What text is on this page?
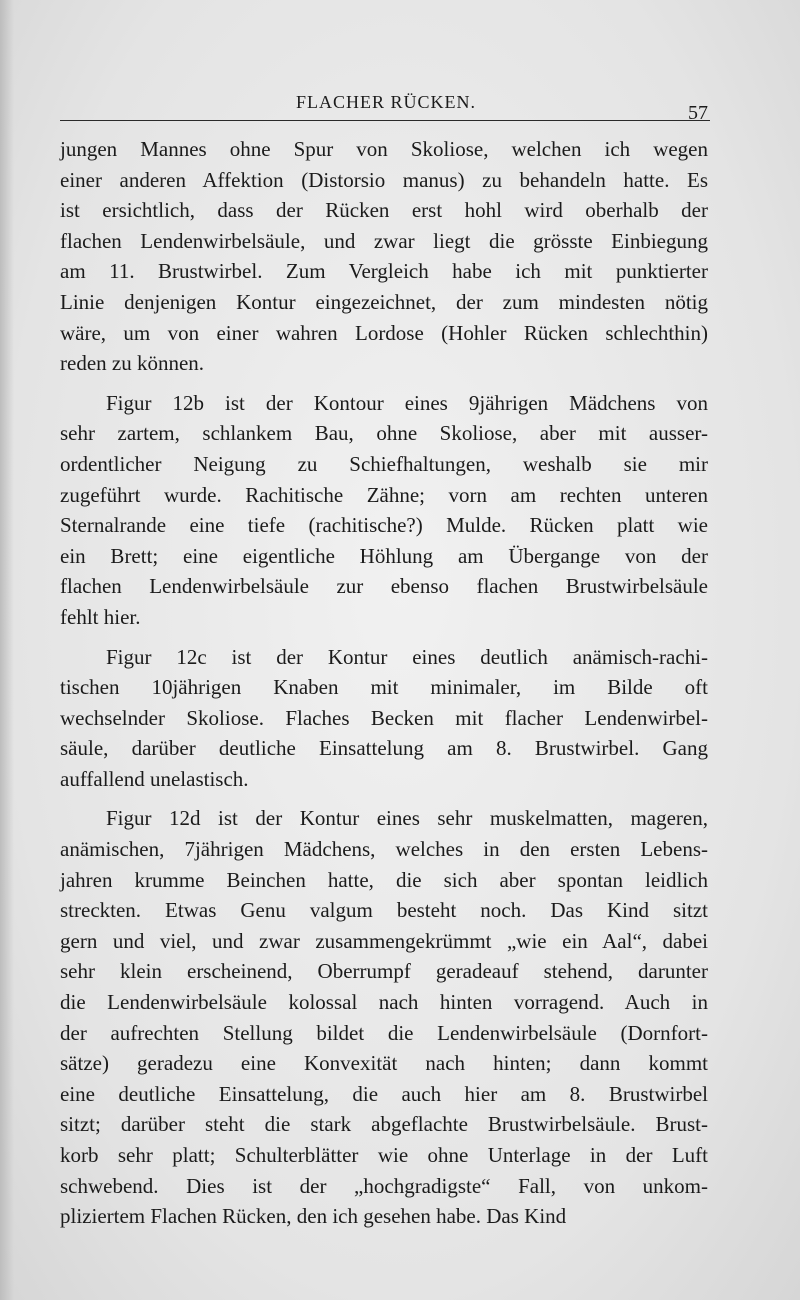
FLACHER RÜCKEN.	57
jungen Mannes ohne Spur von Skoliose, welchen ich wegen
einer anderen Affektion (Distorsio manus) zu behandeln hatte. Es
ist ersichtlich, dass der Rücken erst hohl wird oberhalb der
flachen Lendenwirbelsäule, und zwar liegt die grösste Einbiegung
am 11. Brustwirbel. Zum Vergleich habe ich mit punktierter
Linie denjenigen Kontur eingezeichnet, der zum mindesten nötig
wäre, um von einer wahren Lordose (Hohler Rücken schlechthin)
reden zu können.
Figur 12b ist der Kontour eines 9jährigen Mädchens von
sehr zartem, schlankem Bau, ohne Skoliose, aber mit ausser-
ordentlicher Neigung zu Schiefhaltungen, weshalb sie mir
zugeführt wurde. Rachitische Zähne; vorn am rechten unteren
Sternalrande eine tiefe (rachitische?) Mulde. Rücken platt wie
ein Brett; eine eigentliche Höhlung am Übergange von der
flachen Lendenwirbelsäule zur ebenso flachen Brustwirbelsäule
fehlt hier.
Figur 12c ist der Kontur eines deutlich anämisch-rachi-
tischen 10jährigen Knaben mit minimaler, im Bilde oft
wechselnder Skoliose. Flaches Becken mit flacher Lendenwirbel-
säule, darüber deutliche Einsattelung am 8. Brustwirbel. Gang
auffallend unelastisch.
Figur 12d ist der Kontur eines sehr muskelmatten, mageren,
anämischen, 7jährigen Mädchens, welches in den ersten Lebens-
jahren krumme Beinchen hatte, die sich aber spontan leidlich
streckten. Etwas Genu valgum besteht noch. Das Kind sitzt
gern und viel, und zwar zusammengekrümmt „wie ein Aal“, dabei
sehr klein erscheinend, Oberrumpf geradeauf stehend, darunter
die Lendenwirbelsäule kolossal nach hinten vorragend. Auch in
der aufrechten Stellung bildet die Lendenwirbelsäule (Dornfort-
sätze) geradezu eine Konvexität nach hinten; dann kommt
eine deutliche Einsattelung, die auch hier am 8. Brustwirbel
sitzt; darüber steht die stark abgeflachte Brustwirbelsäule. Brust-
korb sehr platt; Schulterblätter wie ohne Unterlage in der Luft
schwebend. Dies ist der „hochgradigste“ Fall, von unkom-
pliziertem Flachen Rücken, den ich gesehen habe. Das Kind
